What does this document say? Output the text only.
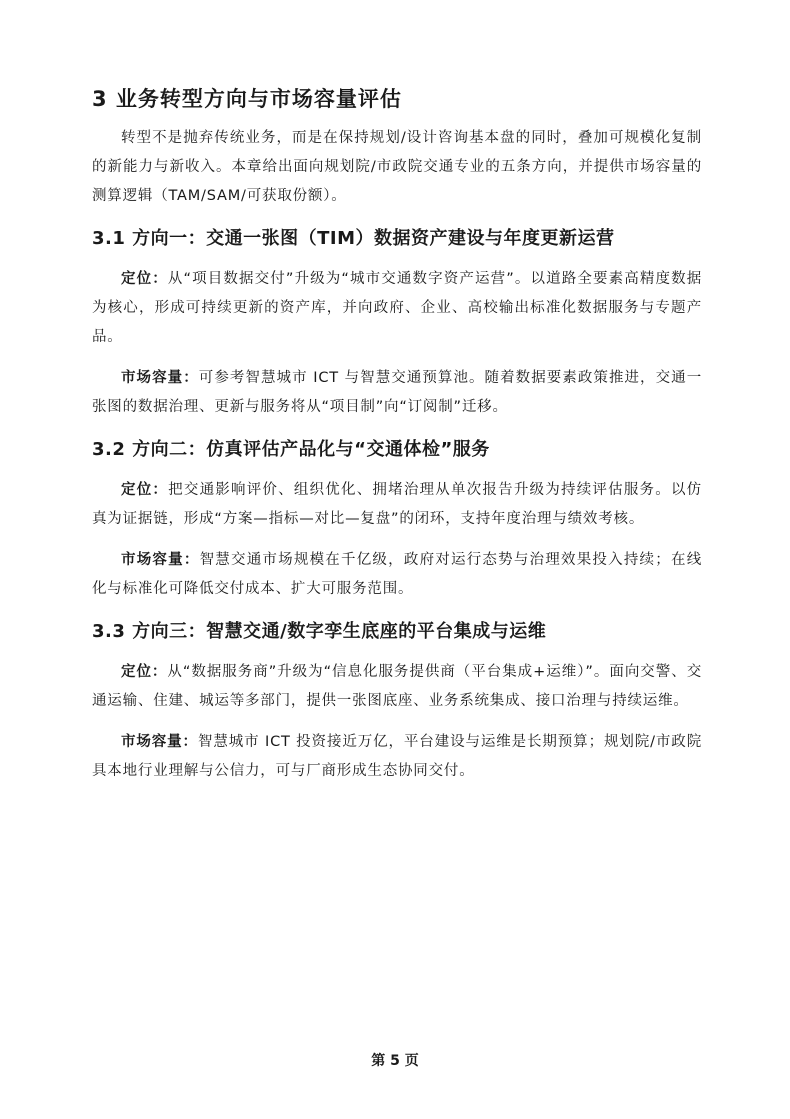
3 业务转型方向与市场容量评估

转型不是抛弃传统业务，而是在保持规划/设计咨询基本盘的同时，叠加可规模化复制的新能力与新收入。本章给出面向规划院/市政院交通专业的五条方向，并提供市场容量的测算逻辑（TAM/SAM/可获取份额）。

3.1 方向一：交通一张图（TIM）数据资产建设与年度更新运营

定位：从“项目数据交付”升级为“城市交通数字资产运营”。以道路全要素高精度数据为核心，形成可持续更新的资产库，并向政府、企业、高校输出标准化数据服务与专题产品。

市场容量：可参考智慧城市 ICT 与智慧交通预算池。随着数据要素政策推进，交通一张图的数据治理、更新与服务将从“项目制”向“订阅制”迁移。

3.2 方向二：仿真评估产品化与“交通体检”服务

定位：把交通影响评价、组织优化、拥堵治理从单次报告升级为持续评估服务。以仿真为证据链，形成“方案—指标—对比—复盘”的闭环，支持年度治理与绩效考核。

市场容量：智慧交通市场规模在千亿级，政府对运行态势与治理效果投入持续；在线化与标准化可降低交付成本、扩大可服务范围。

3.3 方向三：智慧交通/数字孪生底座的平台集成与运维

定位：从“数据服务商”升级为“信息化服务提供商（平台集成+运维）”。面向交警、交通运输、住建、城运等多部门，提供一张图底座、业务系统集成、接口治理与持续运维。

市场容量：智慧城市 ICT 投资接近万亿，平台建设与运维是长期预算；规划院/市政院具本地行业理解与公信力，可与厂商形成生态协同交付。

第 5 页
